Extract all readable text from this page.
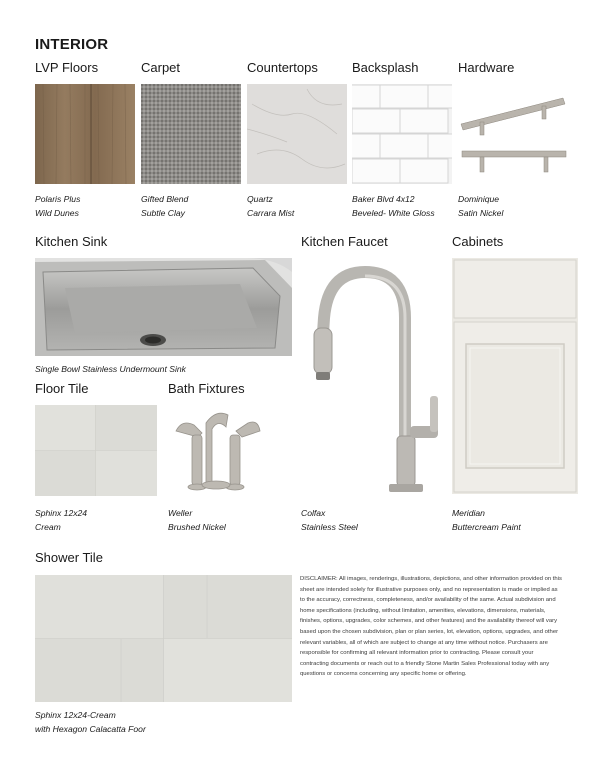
INTERIOR
LVP Floors	Carpet	Countertops	Backsplash	Hardware
Polaris Plus
Wild Dunes
Gifted Blend
Subtle Clay
Quartz
Carrara Mist
Baker Blvd 4x12
Beveled- White Gloss
Dominique
Satin Nickel
Kitchen Sink	Kitchen Faucet	Cabinets
Single Bowl Stainless Undermount Sink
Colfax
Stainless Steel
Meridian
Buttercream Paint
Floor Tile	Bath Fixtures
Sphinx 12x24
Cream
Weller
Brushed Nickel
Shower Tile
Sphinx 12x24-Cream
with Hexagon Calacatta Foor
DISCLAIMER: All images, renderings, illustrations, depictions, and other information provided on this sheet are intended solely for illustrative purposes only, and no representation is made or implied as to the accuracy, correctness, completeness, and/or availability of the same. Actual subdivision and home specifications (including, without limitation, amenities, elevations, dimensions, materials, finishes, options, upgrades, color schemes, and other features) and the availability thereof will vary based upon the chosen subdivision, plan or plan series, lot, elevation, options, upgrades, and other relevant variables, all of which are subject to change at any time without notice. Purchasers are responsible for confirming all relevant information prior to contracting. Please consult your contracting documents or reach out to a friendly Stone Martin Sales Professional today with any questions or concerns concerning any specific home or offering.
